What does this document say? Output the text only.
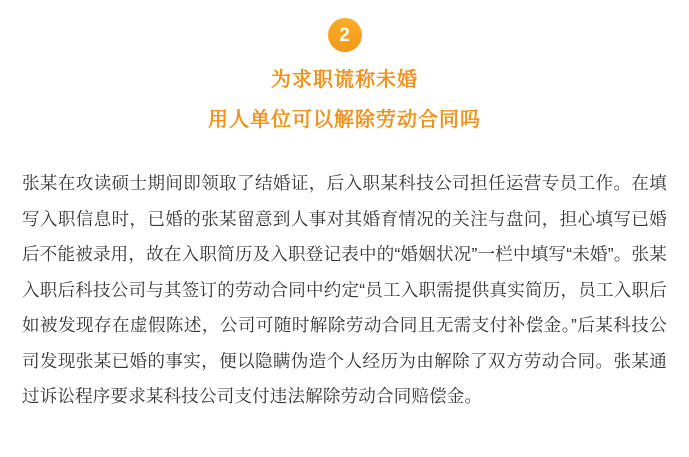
2
为求职谎称未婚
用人单位可以解除劳动合同吗
张某在攻读硕士期间即领取了结婚证，后入职某科技公司担任运营专员工作。在填写入职信息时，已婚的张某留意到人事对其婚育情况的关注与盘问，担心填写已婚后不能被录用，故在入职简历及入职登记表中的“婚姻状况”一栏中填写“未婚”。张某入职后科技公司与其签订的劳动合同中约定“员工入职需提供真实简历，员工入职后如被发现存在虚假陈述，公司可随时解除劳动合同且无需支付补偿金。”后某科技公司发现张某已婚的事实，便以隐瞒伪造个人经历为由解除了双方劳动合同。张某通过诉讼程序要求某科技公司支付违法解除劳动合同赔偿金。
